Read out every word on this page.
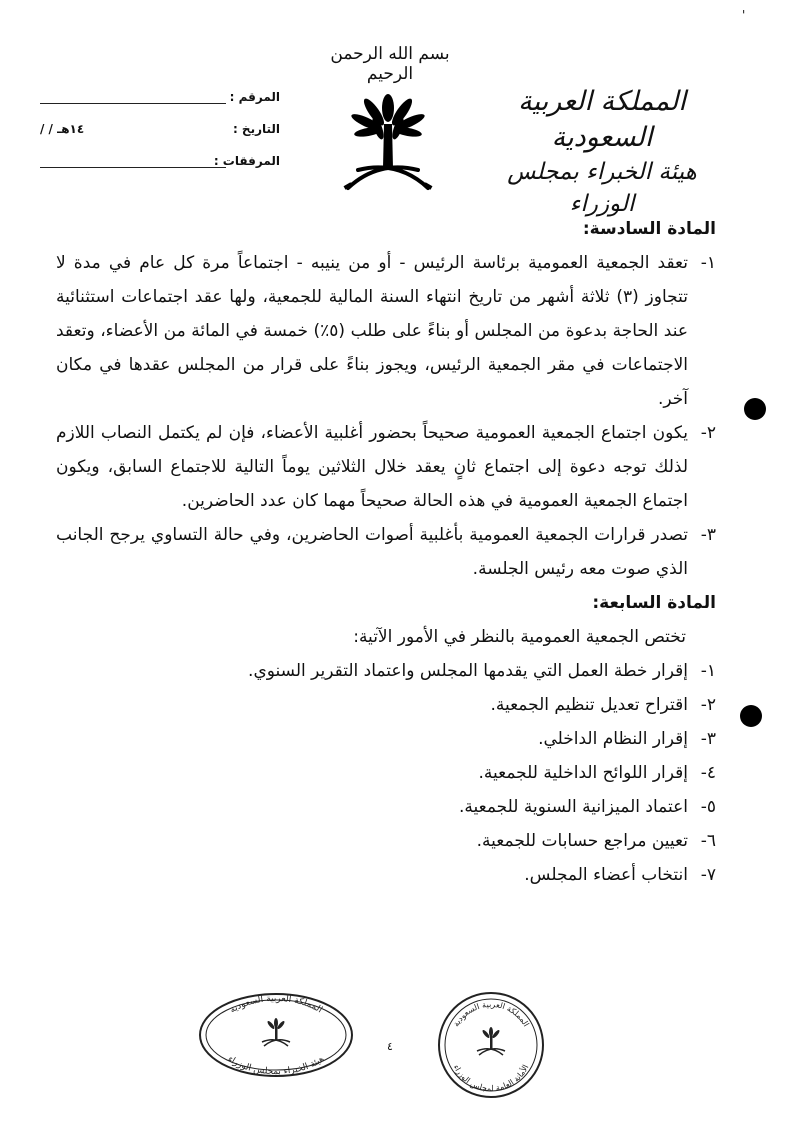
'
بسم الله الرحمن الرحيم
المملكة العربية السعودية
هيئة الخبراء بمجلس الوزراء
المرقم :
التاريخ :
/ / ١٤هـ
المرفقات :

المادة السادسة:

١-
تعقد الجمعية العمومية برئاسة الرئيس - أو من ينيبه - اجتماعاً مرة كل عام في مدة لا تتجاوز (٣) ثلاثة أشهر من تاريخ انتهاء السنة المالية للجمعية، ولها عقد اجتماعات استثنائية عند الحاجة بدعوة من المجلس أو بناءً على طلب (٥٪) خمسة في المائة من الأعضاء، وتعقد الاجتماعات في مقر الجمعية الرئيس، ويجوز بناءً على قرار من المجلس عقدها في مكان آخر.

٢-
يكون اجتماع الجمعية العمومية صحيحاً بحضور أغلبية الأعضاء، فإن لم يكتمل النصاب اللازم لذلك توجه دعوة إلى اجتماع ثانٍ يعقد خلال الثلاثين يوماً التالية للاجتماع السابق، ويكون اجتماع الجمعية العمومية في هذه الحالة صحيحاً مهما كان عدد الحاضرين.

٣-
تصدر قرارات الجمعية العمومية بأغلبية أصوات الحاضرين، وفي حالة التساوي يرجح الجانب الذي صوت معه رئيس الجلسة.

المادة السابعة:

تختص الجمعية العمومية بالنظر في الأمور الآتية:

١-
إقرار خطة العمل التي يقدمها المجلس واعتماد التقرير السنوي.

٢-
اقتراح تعديل تنظيم الجمعية.

٣-
إقرار النظام الداخلي.

٤-
إقرار اللوائح الداخلية للجمعية.

٥-
اعتماد الميزانية السنوية للجمعية.

٦-
تعيين مراجع حسابات للجمعية.

٧-
انتخاب أعضاء المجلس.

المملكة العربية السعودية
هيئة الخبراء بمجلس الوزراء
المملكة العربية السعودية
الأمانة العامة لمجلس الوزراء
٤
